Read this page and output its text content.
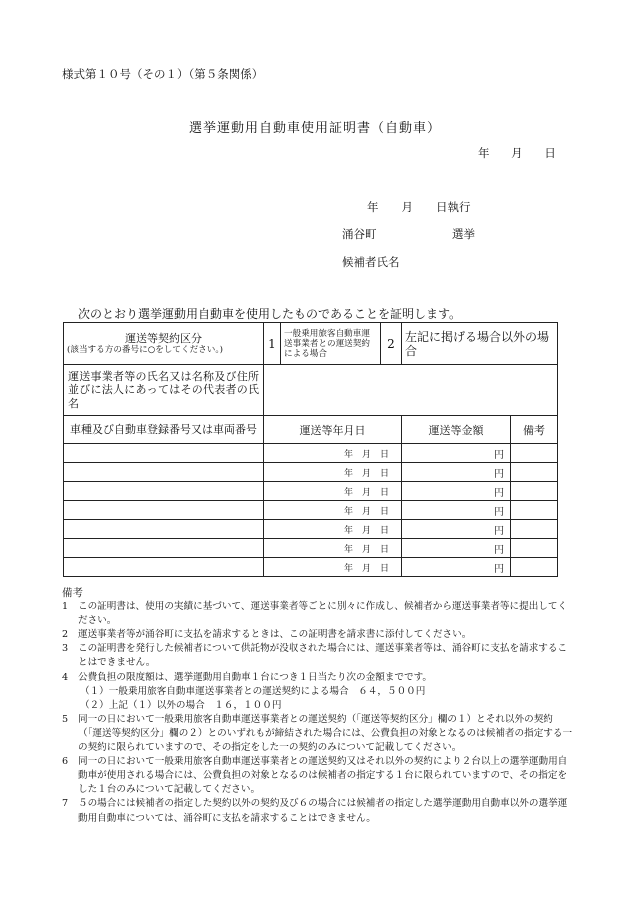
様式第１０号（その１）（第５条関係）
選挙運動用自動車使用証明書（自動車）
年 月 日
年　　月　　日執行
涌谷町	選挙
候補者氏名
次のとおり選挙運動用自動車を使用したものであることを証明します。
運送等契約区分
(該当する方の番号に○をしてください。)	1	一般乗用旅客自動車運送事業者との運送契約による場合	2	左記に掲げる場合以外の場合	
運送事業者等の氏名又は名称及び住所並びに法人にあってはその代表者の氏名					
車種及び自動車登録番号又は車両番号	運送等年月日			運送等金額	備考
	年　月　日			円	
	年　月　日			円	
	年　月　日			円	
	年　月　日			円	
	年　月　日			円	
	年　月　日			円	
	年　月　日			円	
備考
1	この証明書は、使用の実績に基づいて、運送事業者等ごとに別々に作成し、候補者から運送事業者等に提出してください。
2	運送事業者等が涌谷町に支払を請求するときは、この証明書を請求書に添付してください。
3	この証明書を発行した候補者について供託物が没収された場合には、運送事業者等は、涌谷町に支払を請求することはできません。
4	公費負担の限度額は、選挙運動用自動車１台につき１日当たり次の金額までです。
（１）一般乗用旅客自動車運送事業者との運送契約による場合　６４，５００円
（２）上記（１）以外の場合　１６，１００円
5	同一の日において一般乗用旅客自動車運送事業者との運送契約（「運送等契約区分」欄の１）とそれ以外の契約（「運送等契約区分」欄の２）とのいずれもが締結された場合には、公費負担の対象となるのは候補者の指定する一の契約に限られていますので、その指定をした一の契約のみについて記載してください。
6	同一の日において一般乗用旅客自動車運送事業者との運送契約又はそれ以外の契約により２台以上の選挙運動用自動車が使用される場合には、公費負担の対象となるのは候補者の指定する１台に限られていますので、その指定をした１台のみについて記載してください。
7	５の場合には候補者の指定した契約以外の契約及び６の場合には候補者の指定した選挙運動用自動車以外の選挙運動用自動車については、涌谷町に支払を請求することはできません。
